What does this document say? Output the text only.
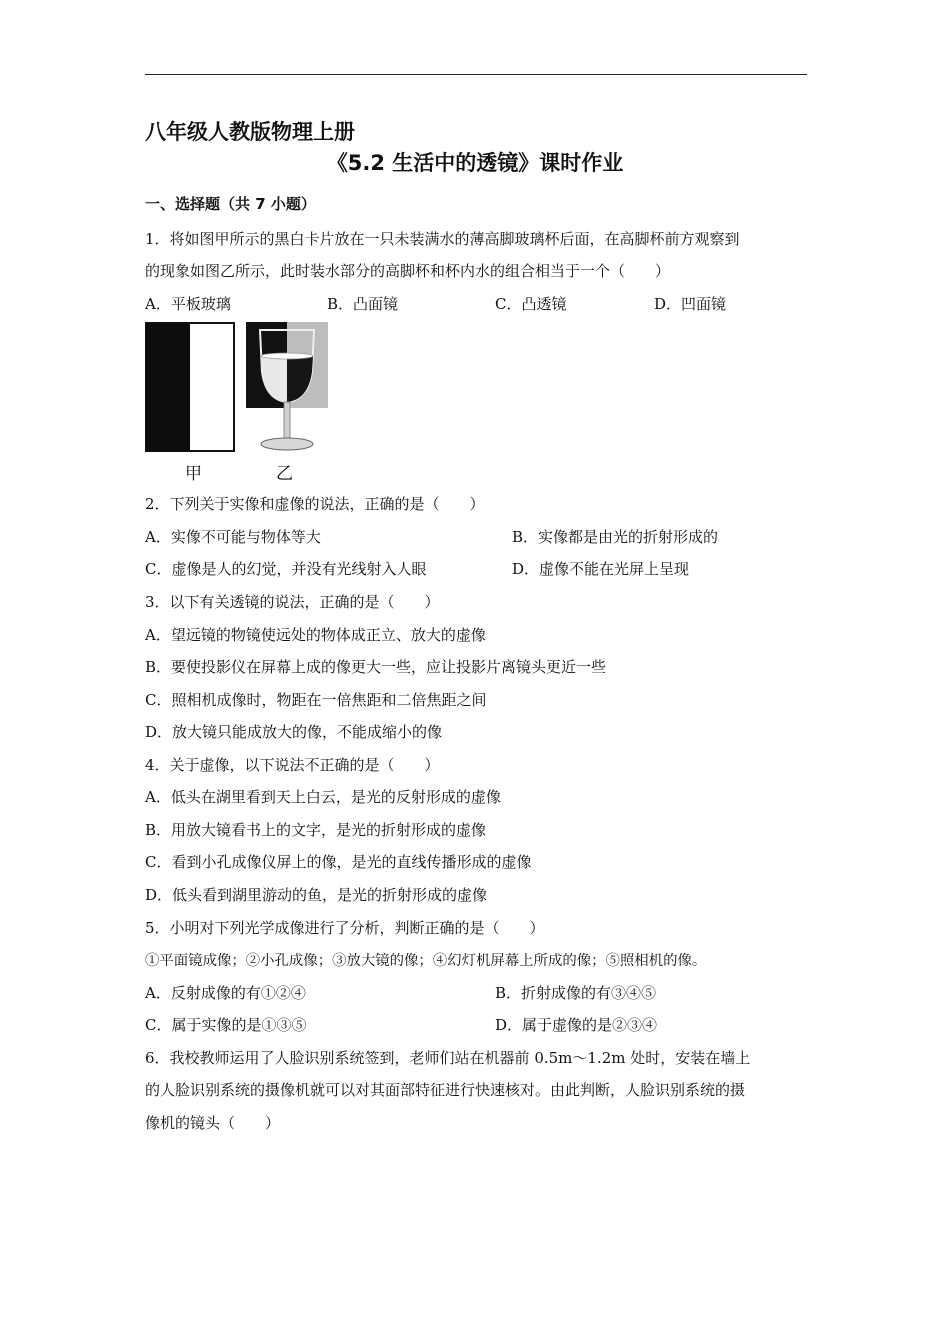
八年级人教版物理上册
《5.2 生活中的透镜》课时作业
一、选择题（共 7 小题）
1．将如图甲所示的黑白卡片放在一只未装满水的薄高脚玻璃杯后面，在高脚杯前方观察到
的现象如图乙所示，此时装水部分的高脚杯和杯内水的组合相当于一个（　　）
A．平板玻璃	B．凸面镜	C．凸透镜	D．凹面镜
甲	乙
2．下列关于实像和虚像的说法，正确的是（　　）
A．实像不可能与物体等大	B．实像都是由光的折射形成的
C．虚像是人的幻觉，并没有光线射入人眼	D．虚像不能在光屏上呈现
3．以下有关透镜的说法，正确的是（　　）
A．望远镜的物镜使远处的物体成正立、放大的虚像
B．要使投影仪在屏幕上成的像更大一些，应让投影片离镜头更近一些
C．照相机成像时，物距在一倍焦距和二倍焦距之间
D．放大镜只能成放大的像，不能成缩小的像
4．关于虚像，以下说法不正确的是（　　）
A．低头在湖里看到天上白云，是光的反射形成的虚像
B．用放大镜看书上的文字，是光的折射形成的虚像
C．看到小孔成像仪屏上的像，是光的直线传播形成的虚像
D．低头看到湖里游动的鱼，是光的折射形成的虚像
5．小明对下列光学成像进行了分析，判断正确的是（　　）
①平面镜成像；②小孔成像；③放大镜的像；④幻灯机屏幕上所成的像；⑤照相机的像。
A．反射成像的有①②④	B．折射成像的有③④⑤
C．属于实像的是①③⑤	D．属于虚像的是②③④
6．我校教师运用了人脸识别系统签到，老师们站在机器前 0.5m～1.2m 处时，安装在墙上
的人脸识别系统的摄像机就可以对其面部特征进行快速核对。由此判断，人脸识别系统的摄
像机的镜头（　　）
